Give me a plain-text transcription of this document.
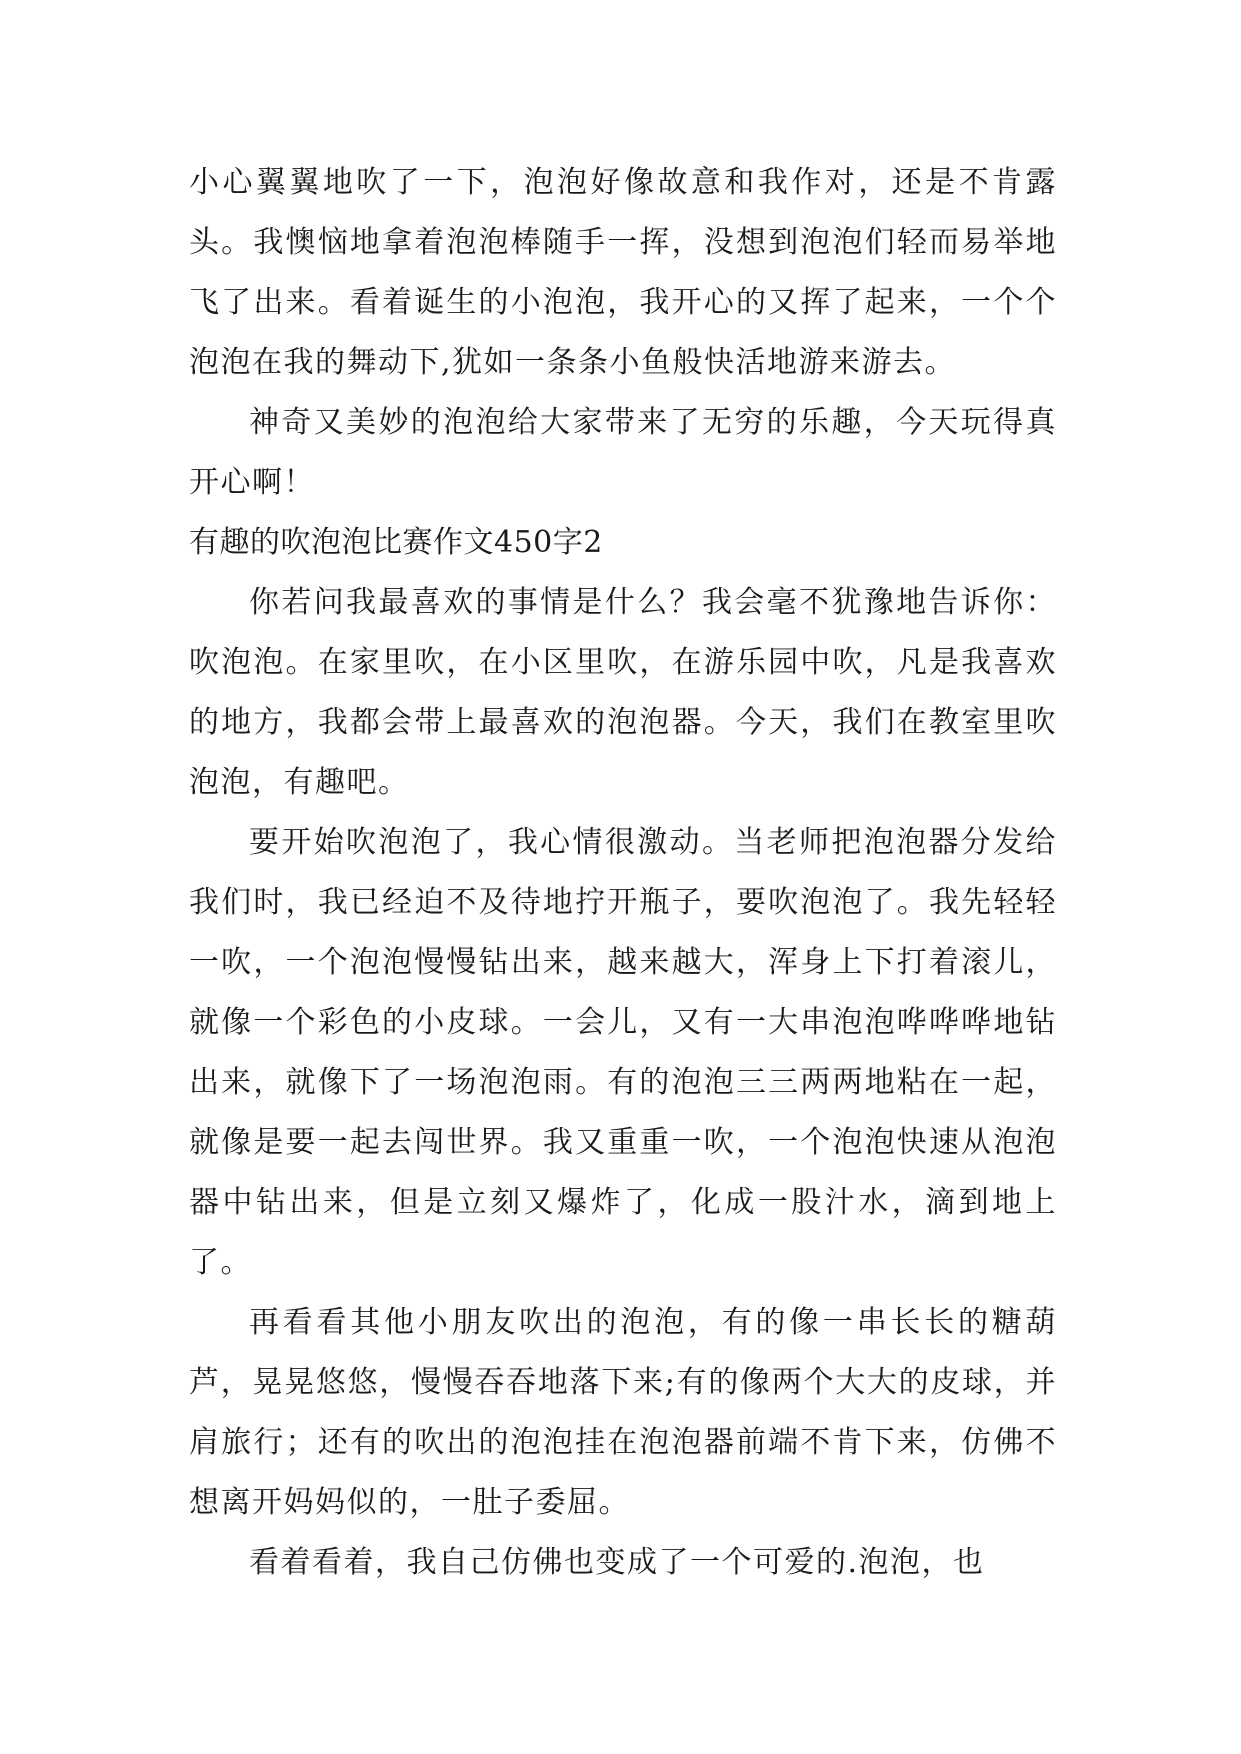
小心翼翼地吹了一下，泡泡好像故意和我作对，还是不肯露头。我懊恼地拿着泡泡棒随手一挥，没想到泡泡们轻而易举地飞了出来。看着诞生的小泡泡，我开心的又挥了起来，一个个泡泡在我的舞动下,犹如一条条小鱼般快活地游来游去。

神奇又美妙的泡泡给大家带来了无穷的乐趣，今天玩得真开心啊！

有趣的吹泡泡比赛作文450字2

你若问我最喜欢的事情是什么？我会毫不犹豫地告诉你：吹泡泡。在家里吹，在小区里吹，在游乐园中吹，凡是我喜欢的地方，我都会带上最喜欢的泡泡器。今天，我们在教室里吹泡泡，有趣吧。

要开始吹泡泡了，我心情很激动。当老师把泡泡器分发给我们时，我已经迫不及待地拧开瓶子，要吹泡泡了。我先轻轻一吹，一个泡泡慢慢钻出来，越来越大，浑身上下打着滚儿，就像一个彩色的小皮球。一会儿，又有一大串泡泡哗哗哗地钻出来，就像下了一场泡泡雨。有的泡泡三三两两地粘在一起，就像是要一起去闯世界。我又重重一吹，一个泡泡快速从泡泡器中钻出来，但是立刻又爆炸了，化成一股汁水，滴到地上了。

再看看其他小朋友吹出的泡泡，有的像一串长长的糖葫芦，晃晃悠悠，慢慢吞吞地落下来;有的像两个大大的皮球，并肩旅行；还有的吹出的泡泡挂在泡泡器前端不肯下来，仿佛不想离开妈妈似的，一肚子委屈。

看着看着，我自己仿佛也变成了一个可爱的.泡泡，也
